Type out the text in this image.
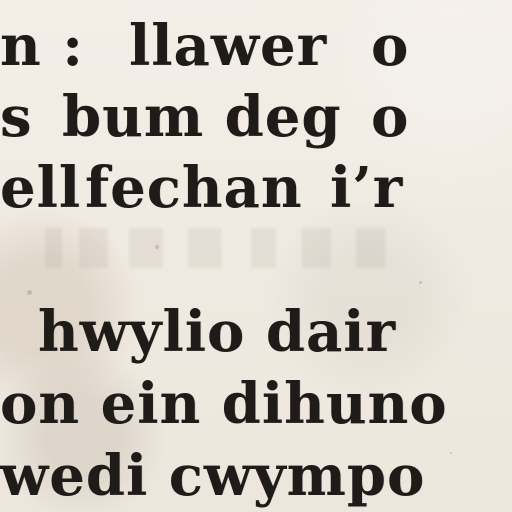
n : llawer o
s bum deg o
ell fechan i’r
hwylio dair
on ein dihuno
wedi cwympo
